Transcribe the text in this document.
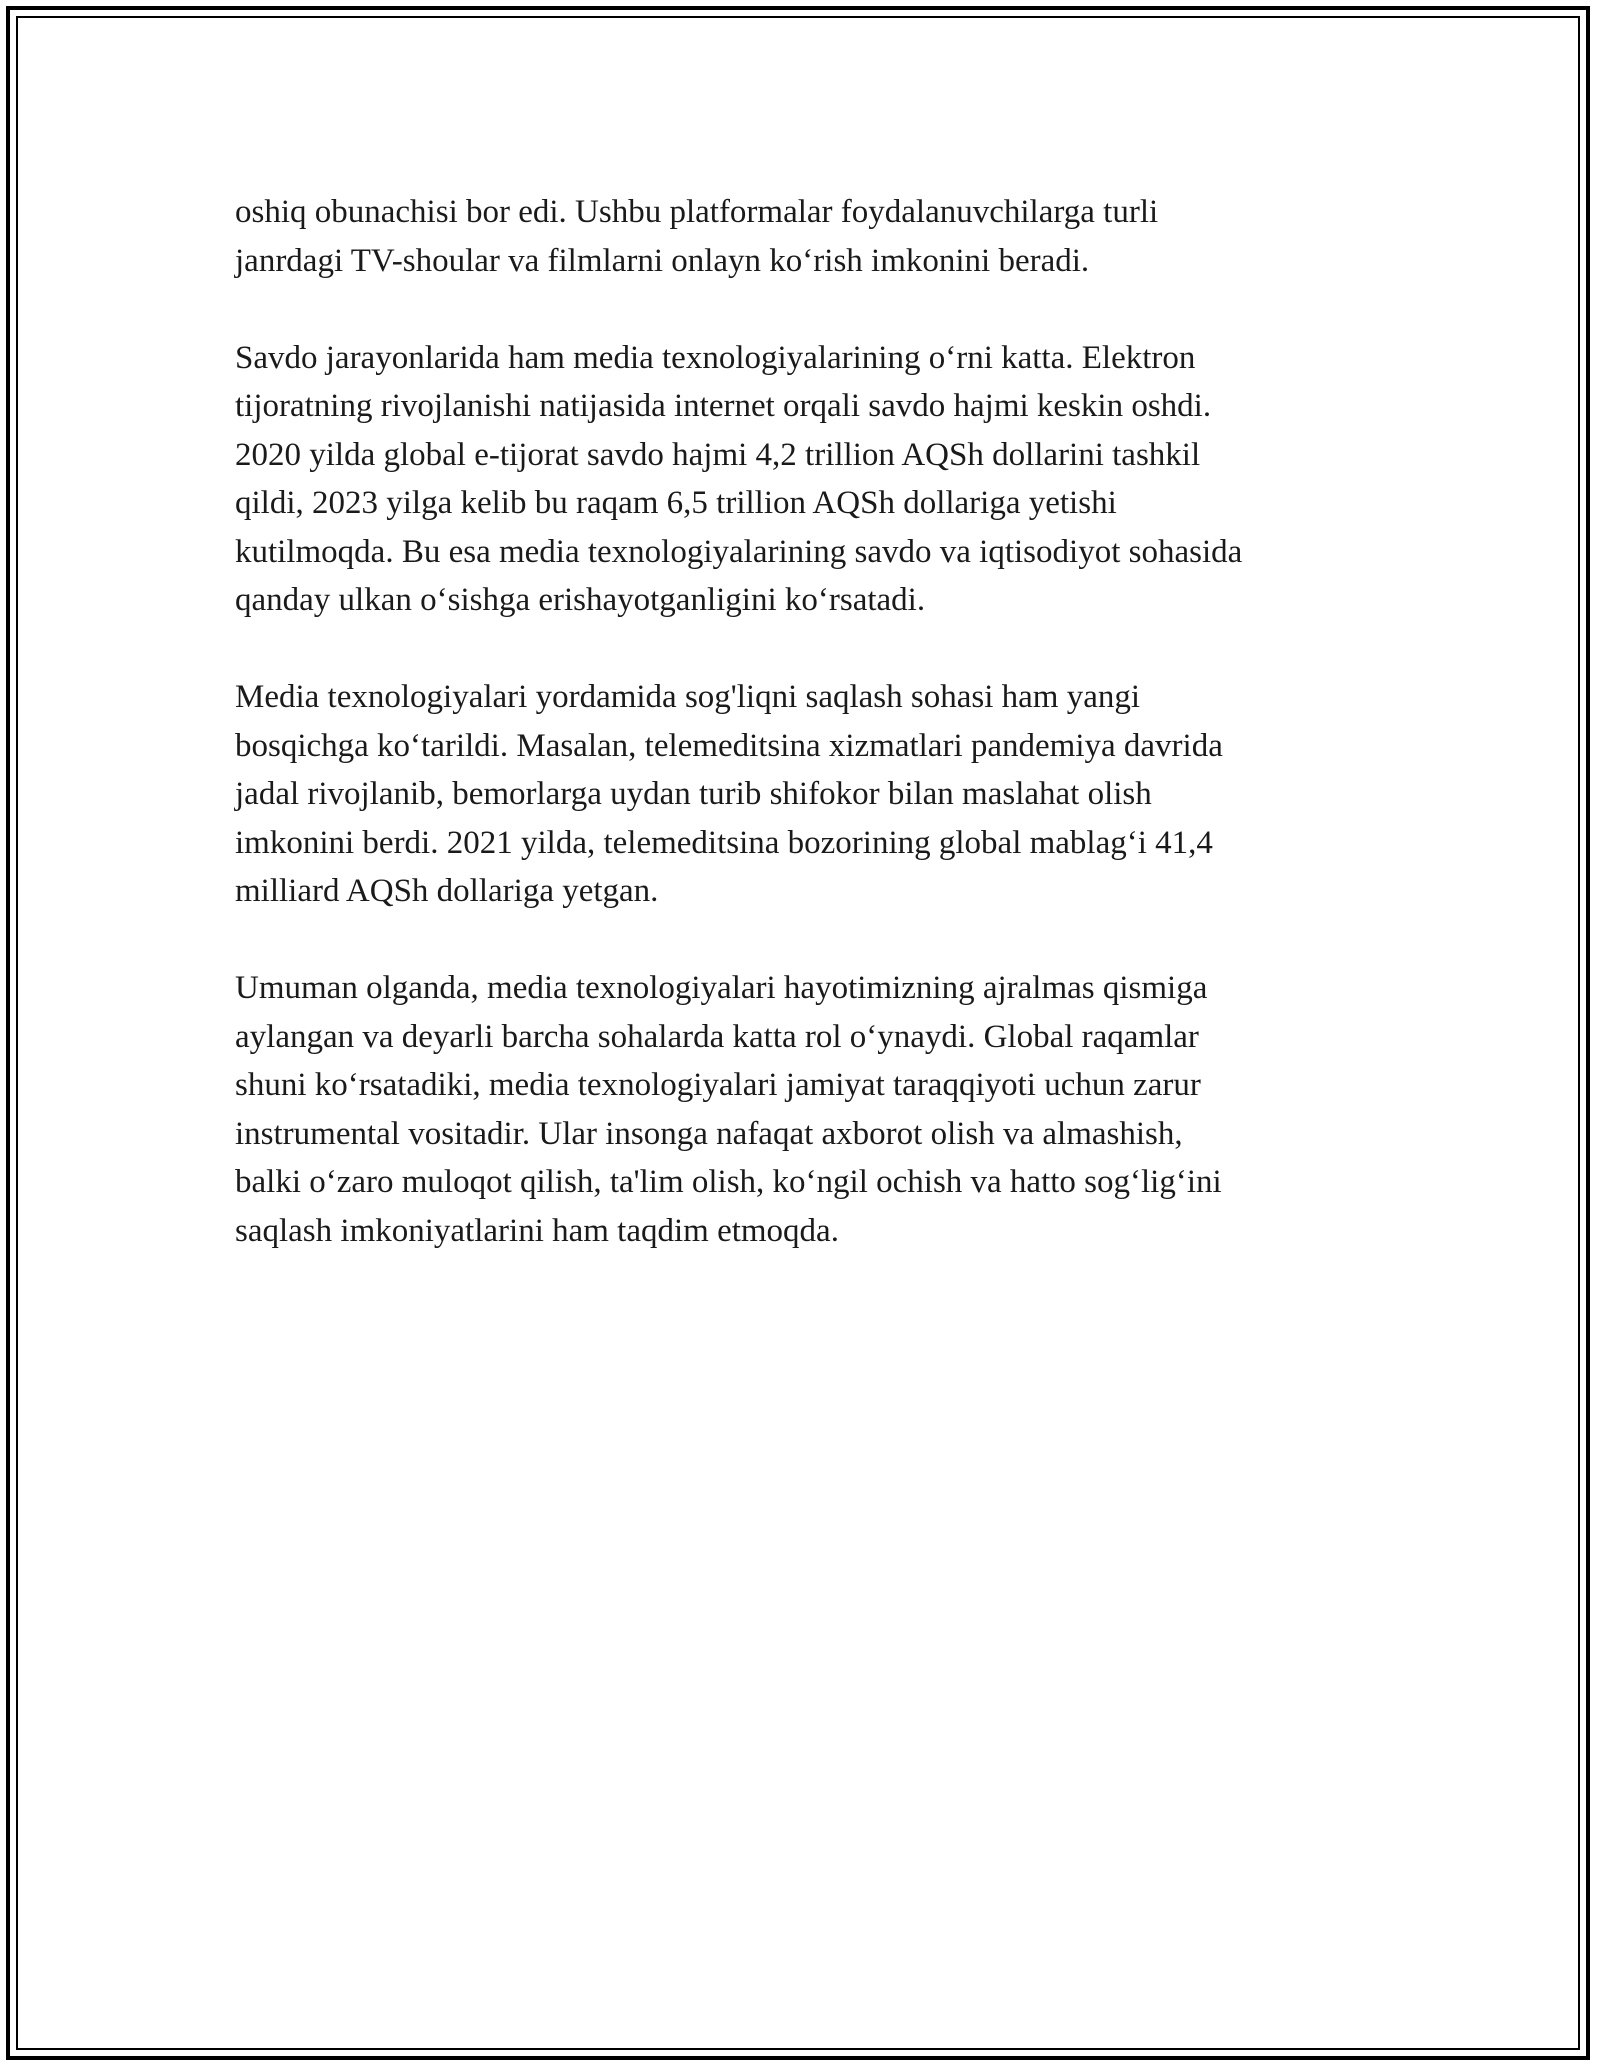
oshiq obunachisi bor edi. Ushbu platformalar foydalanuvchilarga turli
janrdagi TV-shoular va filmlarni onlayn ko‘rish imkonini beradi.

Savdo jarayonlarida ham media texnologiyalarining o‘rni katta. Elektron
tijoratning rivojlanishi natijasida internet orqali savdo hajmi keskin oshdi.
2020 yilda global e-tijorat savdo hajmi 4,2 trillion AQSh dollarini tashkil
qildi, 2023 yilga kelib bu raqam 6,5 trillion AQSh dollariga yetishi
kutilmoqda. Bu esa media texnologiyalarining savdo va iqtisodiyot sohasida
qanday ulkan o‘sishga erishayotganligini ko‘rsatadi.

Media texnologiyalari yordamida sog'liqni saqlash sohasi ham yangi
bosqichga ko‘tarildi. Masalan, telemeditsina xizmatlari pandemiya davrida
jadal rivojlanib, bemorlarga uydan turib shifokor bilan maslahat olish
imkonini berdi. 2021 yilda, telemeditsina bozorining global mablag‘i 41,4
milliard AQSh dollariga yetgan.

Umuman olganda, media texnologiyalari hayotimizning ajralmas qismiga
aylangan va deyarli barcha sohalarda katta rol o‘ynaydi. Global raqamlar
shuni ko‘rsatadiki, media texnologiyalari jamiyat taraqqiyoti uchun zarur
instrumental vositadir. Ular insonga nafaqat axborot olish va almashish,
balki o‘zaro muloqot qilish, ta'lim olish, ko‘ngil ochish va hatto sog‘lig‘ini
saqlash imkoniyatlarini ham taqdim etmoqda.
